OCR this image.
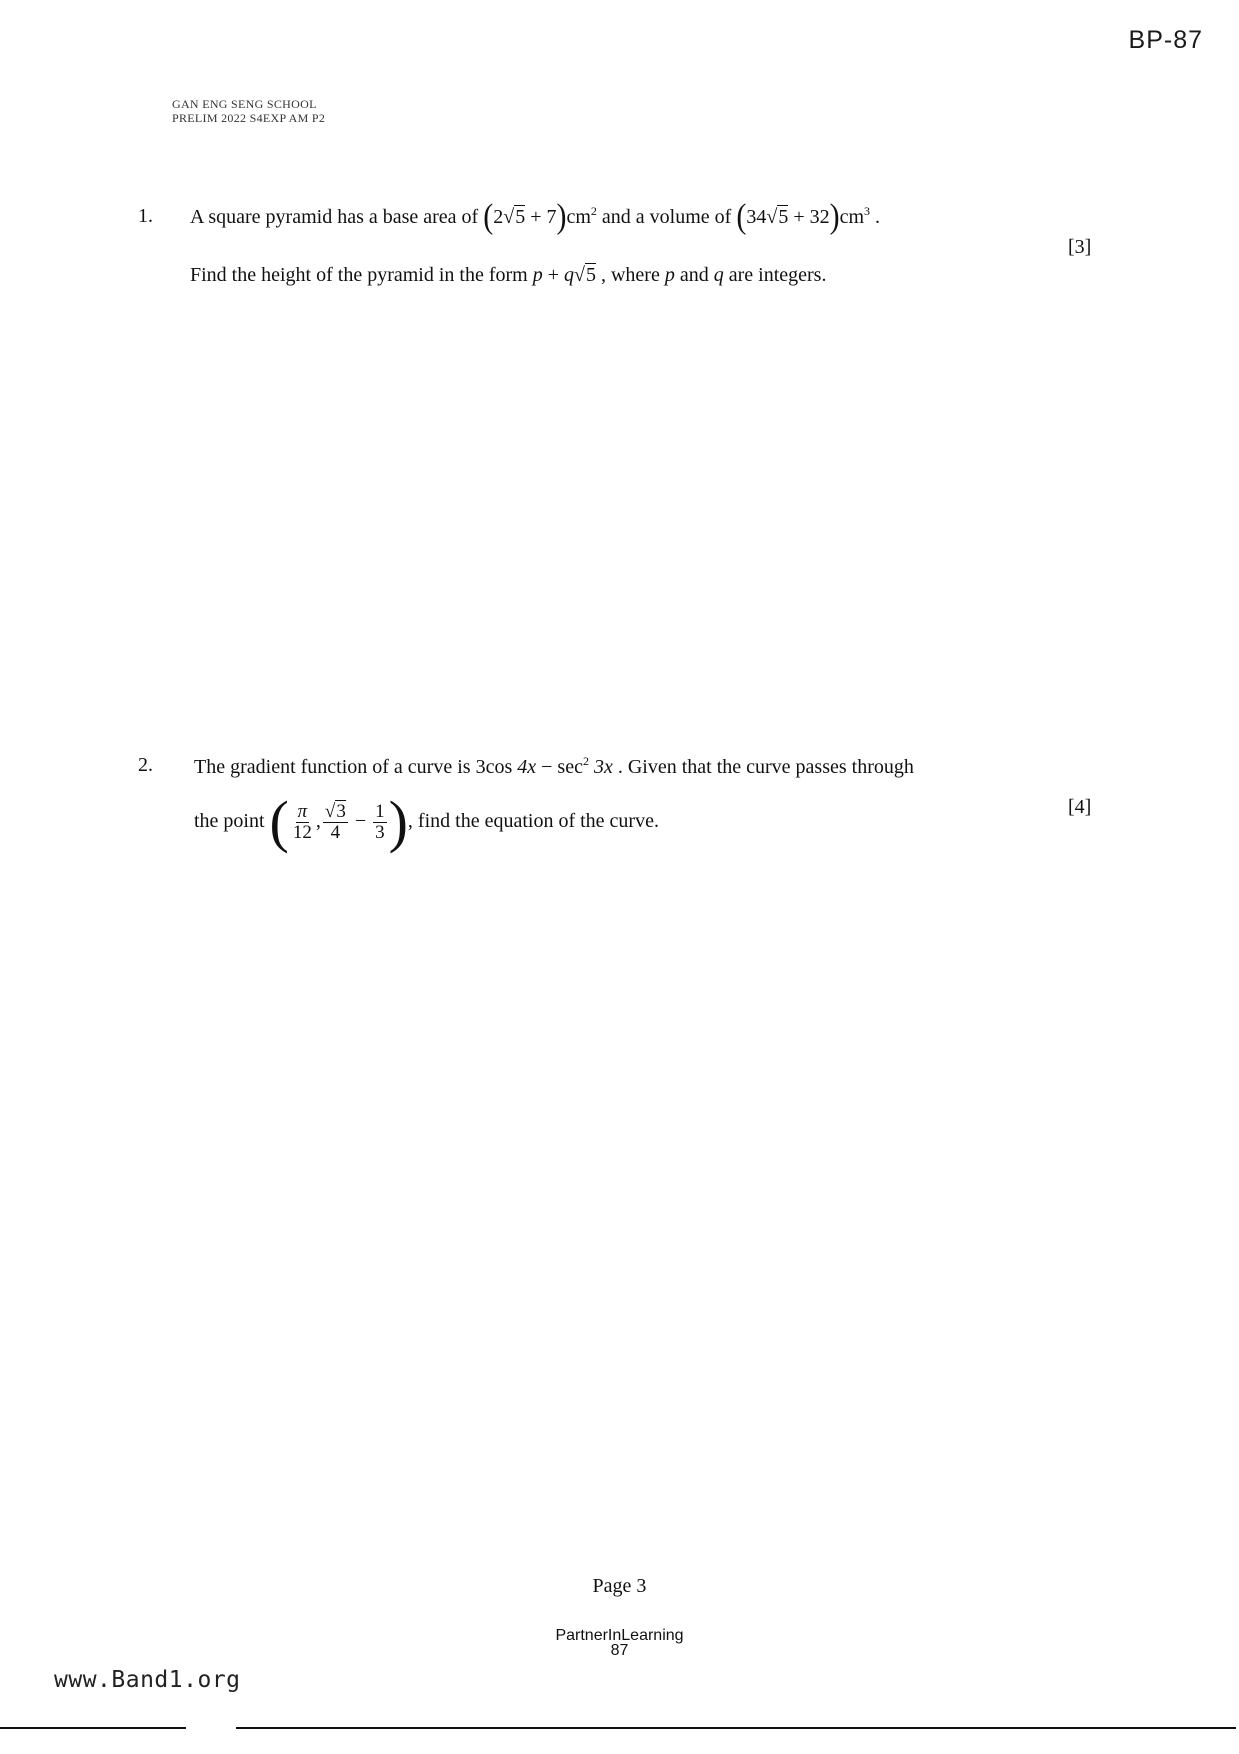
BP-87
GAN ENG SENG SCHOOL
PRELIM 2022 S4EXP AM P2
1. A square pyramid has a base area of $(2√5 + 7)cm^2$ and a volume of $(34√5 + 32)cm^3$ .
[3]
Find the height of the pyramid in the form p + q√5 , where p and q are integers.
2. The gradient function of a curve is 3cos $4x - \sec^2 3x$ . Given that the curve passes through
the point ( $\frac{\pi}{12}$ , $\frac{√3}{4} - \frac{1}{3}$ ), find the equation of the curve.
[4]
Page 3
PartnerInLearning
87
www.Band1.org
